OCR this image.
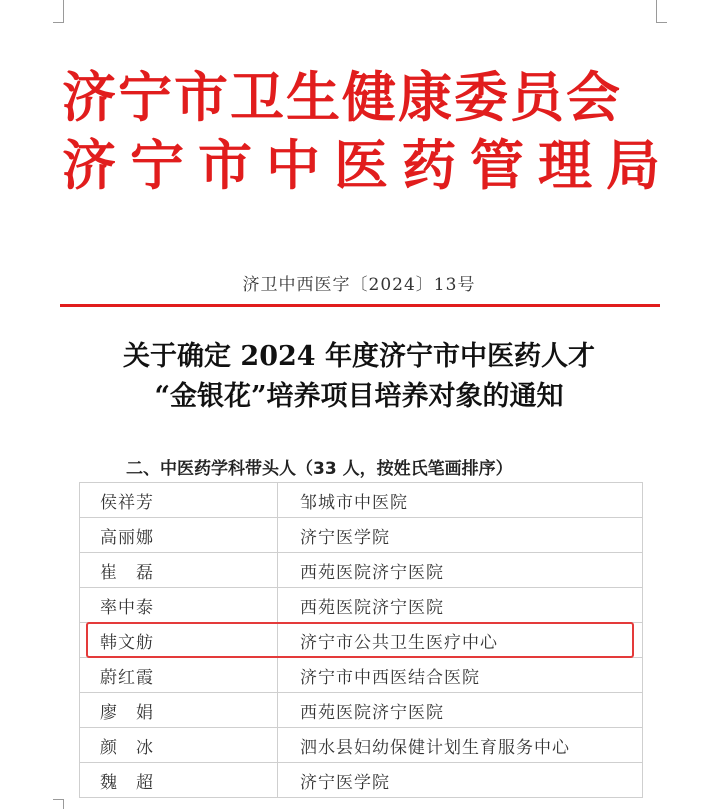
济宁市卫生健康委员会
济宁市中医药管理局
济卫中西医字〔2024〕13号
关于确定 2024 年度济宁市中医药人才
“金银花”培养项目培养对象的通知
二、中医药学科带头人（33 人，按姓氏笔画排序）
侯祥芳	邹城市中医院
高丽娜	济宁医学院
崔　磊	西苑医院济宁医院
率中泰	西苑医院济宁医院
韩文舫	济宁市公共卫生医疗中心
蔚红霞	济宁市中西医结合医院
廖　娟	西苑医院济宁医院
颜　冰	泗水县妇幼保健计划生育服务中心
魏　超	济宁医学院
